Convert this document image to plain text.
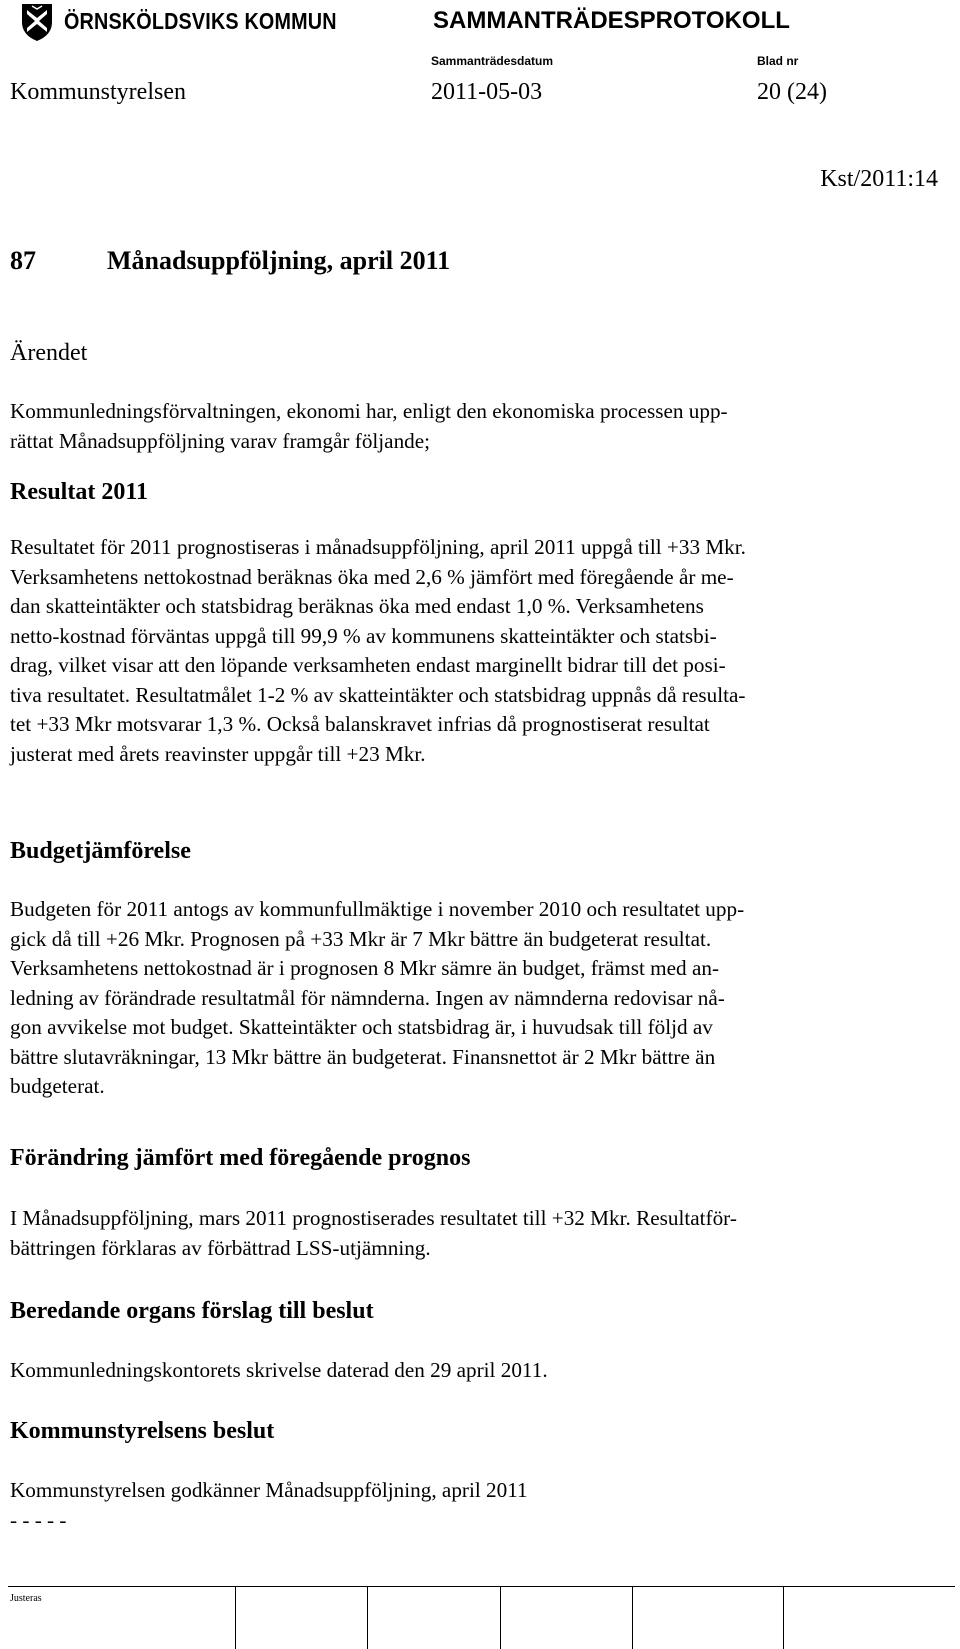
ÖRNSKÖLDSVIKS KOMMUN	SAMMANTRÄDESPROTOKOLL
Sammanträdesdatum	Blad nr
Kommunstyrelsen	2011-05-03	20 (24)
Kst/2011:14
87	Månadsuppföljning, april 2011
Ärendet
Kommunledningsförvaltningen, ekonomi har, enligt den ekonomiska processen upp-
rättat Månadsuppföljning varav framgår följande;
Resultat 2011
Resultatet för 2011 prognostiseras i månadsuppföljning, april 2011 uppgå till +33 Mkr.
Verksamhetens nettokostnad beräknas öka med 2,6 % jämfört med föregående år me-
dan skatteintäkter och statsbidrag beräknas öka med endast 1,0 %. Verksamhetens
netto-kostnad förväntas uppgå till 99,9 % av kommunens skatteintäkter och statsbi-
drag, vilket visar att den löpande verksamheten endast marginellt bidrar till det posi-
tiva resultatet. Resultatmålet 1-2 % av skatteintäkter och statsbidrag uppnås då resulta-
tet +33 Mkr motsvarar 1,3 %. Också balanskravet infrias då prognostiserat resultat
justerat med årets reavinster uppgår till +23 Mkr.
Budgetjämförelse
Budgeten för 2011 antogs av kommunfullmäktige i november 2010 och resultatet upp-
gick då till +26 Mkr. Prognosen på +33 Mkr är 7 Mkr bättre än budgeterat resultat.
Verksamhetens nettokostnad är i prognosen 8 Mkr sämre än budget, främst med an-
ledning av förändrade resultatmål för nämnderna. Ingen av nämnderna redovisar nå-
gon avvikelse mot budget. Skatteintäkter och statsbidrag är, i huvudsak till följd av
bättre slutavräkningar, 13 Mkr bättre än budgeterat. Finansnettot är 2 Mkr bättre än
budgeterat.
Förändring jämfört med föregående prognos
I Månadsuppföljning, mars 2011 prognostiserades resultatet till +32 Mkr. Resultatför-
bättringen förklaras av förbättrad LSS-utjämning.
Beredande organs förslag till beslut
Kommunledningskontorets skrivelse daterad den 29 april 2011.
Kommunstyrelsens beslut
Kommunstyrelsen godkänner Månadsuppföljning, april 2011
- - - - -
Justeras
